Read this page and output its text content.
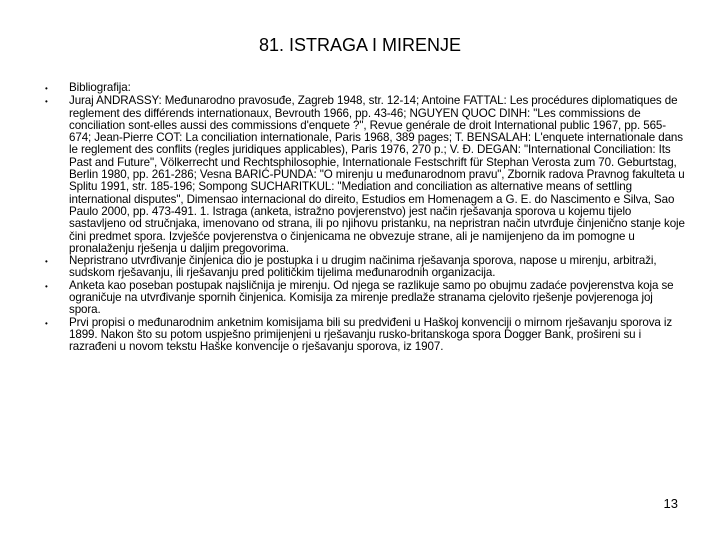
81. ISTRAGA I MIRENJE
•	Bibliografija:
•	Juraj ANDRASSY: Međunarodno pravosuđe, Zagreb 1948, str. 12-14; Antoine FATTAL: Les procédures diplomatiques de reglement des différends internationaux, Bevrouth 1966, pp. 43-46; NGUYEN QUOC DINH: "Les commissions de conciliation sont-elles aussi des commissions d'enquete ?", Revue genérale de droit International public 1967, pp. 565-674; Jean-Pierre COT: La conciliation internationale, Paris 1968, 389 pages; T. BENSALAH: L'enquete internationale dans le reglement des conflits (regles juridiques applicables), Paris 1976, 270 p.; V. Đ. DEGAN: "International Conciliation: Its Past and Future", Völkerrecht und Rechtsphilosophie, Internationale Festschrift für Stephan Verosta zum 70. Geburtstag, Berlin 1980, pp. 261-286; Vesna BARIĆ-PUNDA: "O mirenju u međunarodnom pravu", Zbornik radova Pravnog fakulteta u Splitu 1991, str. 185-196; Sompong SUCHARITKUL: "Mediation and conciliation as alternative means of settling international disputes", Dimensao internacional do direito, Estudios em Homenagem a G. E. do Nascimento e Silva, Sao Paulo 2000, pp. 473-491. 1. Istraga (anketa, istražno povjerenstvo) jest način rješavanja sporova u kojemu tijelo sastavljeno od stručnjaka, imenovano od strana, ili po njihovu pristanku, na nepristran način utvrđuje činjenično stanje koje čini predmet spora. Izvješće povjerenstva o činjenicama ne obvezuje strane, ali je namijenjeno da im pomogne u pronalaženju rješenja u daljim pregovorima.
•	Nepristrano utvrđivanje činjenica dio je postupka i u drugim načinima rješavanja sporova, napose u mirenju, arbitraži, sudskom rješavanju, ili rješavanju pred političkim tijelima međunarodnih organizacija.
•	Anketa kao poseban postupak najsličnija je mirenju. Od njega se razlikuje samo po obujmu zadaće povjerenstva koja se ograničuje na utvrđivanje spornih činjenica. Komisija za mirenje predlaže stranama cjelovito rješenje povjerenoga joj spora.
•	Prvi propisi o međunarodnim anketnim komisijama bili su predviđeni u Haškoj konvenciji o mirnom rješavanju sporova iz 1899. Nakon što su potom uspješno primijenjeni u rješavanju rusko-britanskoga spora Dogger Bank, prošireni su i razrađeni u novom tekstu Haške konvencije o rješavanju sporova, iz 1907.
13
